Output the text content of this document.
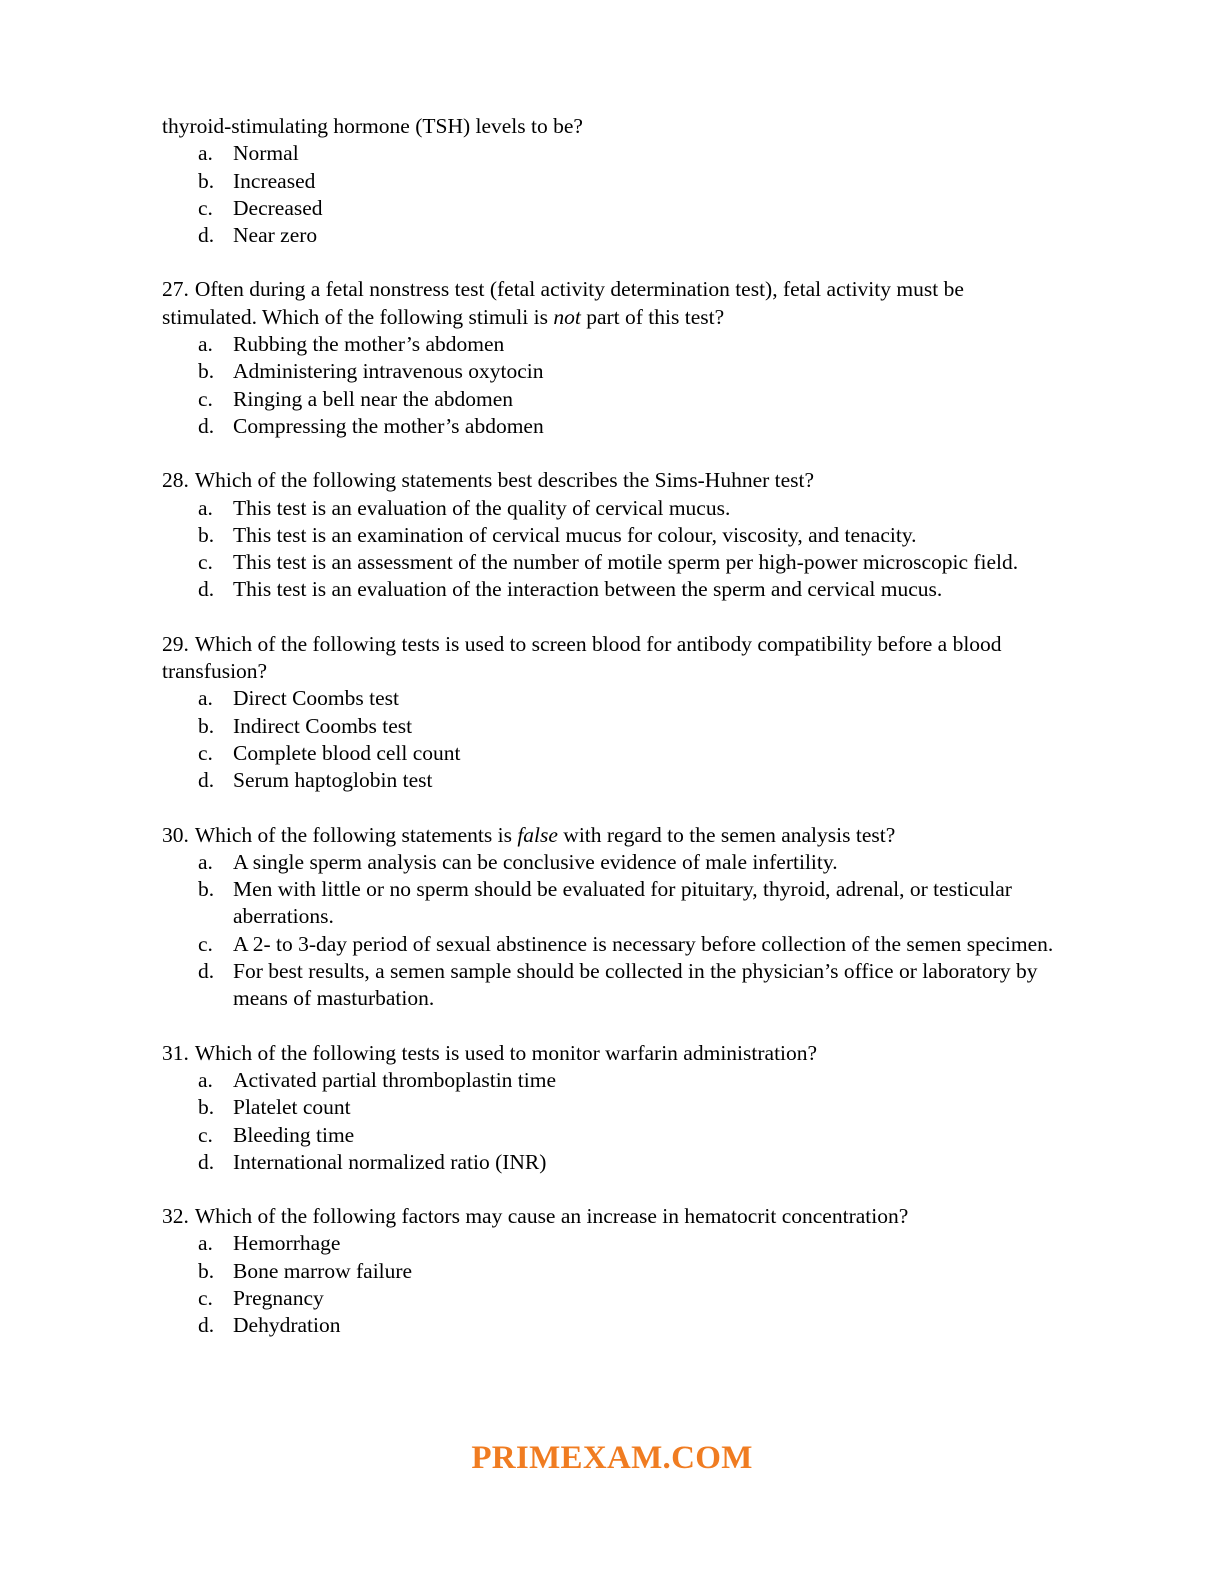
thyroid-stimulating hormone (TSH) levels to be?

a. Normal
b. Increased
c. Decreased
d. Near zero

27. Often during a fetal nonstress test (fetal activity determination test), fetal activity must be stimulated. Which of the following stimuli is not part of this test?

a. Rubbing the mother’s abdomen
b. Administering intravenous oxytocin
c. Ringing a bell near the abdomen
d. Compressing the mother’s abdomen

28. Which of the following statements best describes the Sims-Huhner test?

a. This test is an evaluation of the quality of cervical mucus.
b. This test is an examination of cervical mucus for colour, viscosity, and tenacity.
c. This test is an assessment of the number of motile sperm per high-power microscopic field.
d. This test is an evaluation of the interaction between the sperm and cervical mucus.

29. Which of the following tests is used to screen blood for antibody compatibility before a blood transfusion?

a. Direct Coombs test
b. Indirect Coombs test
c. Complete blood cell count
d. Serum haptoglobin test

30. Which of the following statements is false with regard to the semen analysis test?

a. A single sperm analysis can be conclusive evidence of male infertility.
b. Men with little or no sperm should be evaluated for pituitary, thyroid, adrenal, or testicular aberrations.
c. A 2- to 3-day period of sexual abstinence is necessary before collection of the semen specimen.
d. For best results, a semen sample should be collected in the physician’s office or laboratory by means of masturbation.

31. Which of the following tests is used to monitor warfarin administration?

a. Activated partial thromboplastin time
b. Platelet count
c. Bleeding time
d. International normalized ratio (INR)

32. Which of the following factors may cause an increase in hematocrit concentration?

a. Hemorrhage
b. Bone marrow failure
c. Pregnancy
d. Dehydration
PRIMEXAM.COM
